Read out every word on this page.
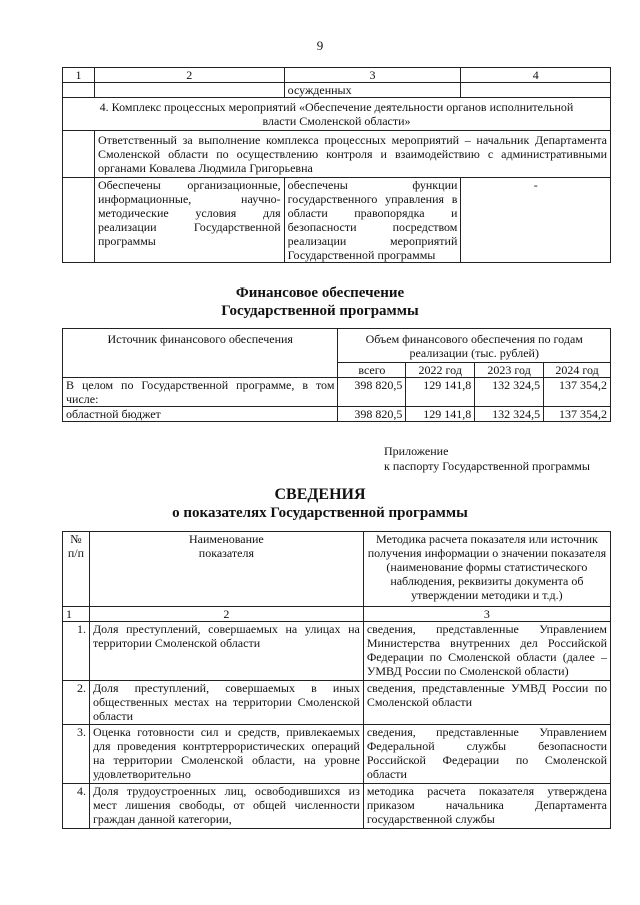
9
1	2	3	4
		осужденных	
4. Комплекс процессных мероприятий «Обеспечение деятельности органов исполнительной власти Смоленской области»			
	Ответственный за выполнение комплекса процессных мероприятий – начальник Департамента Смоленской области по осуществлению контроля и взаимодействию с административными органами Ковалева Людмила Григорьевна		
	Обеспечены организационные, информационные, научно-методические условия для реализации Государственной программы	обеспечены функции государственного управления в области правопорядка и безопасности посредством реализации мероприятий Государственной программы	-
Финансовое обеспечение
Государственной программы
Источник финансового обеспечения	Объем финансового обеспечения по годам реализации (тыс. рублей)			
	всего	2022 год	2023 год	2024 год
В целом по Государственной программе, в том числе:	398 820,5	129 141,8	132 324,5	137 354,2
областной бюджет	398 820,5	129 141,8	132 324,5	137 354,2
Приложение
к паспорту Государственной программы
СВЕДЕНИЯ
о показателях Государственной программы
№ п/п	Наименование показателя	Методика расчета показателя или источник получения информации о значении показателя (наименование формы статистического наблюдения, реквизиты документа об утверждении методики и т.д.)
1	2	3
1.	Доля преступлений, совершаемых на улицах на территории Смоленской области	сведения, представленные Управлением Министерства внутренних дел Российской Федерации по Смоленской области (далее – УМВД России по Смоленской области)
2.	Доля преступлений, совершаемых в иных общественных местах на территории Смоленской области	сведения, представленные УМВД России по Смоленской области
3.	Оценка готовности сил и средств, привлекаемых для проведения контртеррористических операций на территории Смоленской области, на уровне удовлетворительно	сведения, представленные Управлением Федеральной службы безопасности Российской Федерации по Смоленской области
4.	Доля трудоустроенных лиц, освободившихся из мест лишения свободы, от общей численности граждан данной категории,	методика расчета показателя утверждена приказом начальника Департамента государственной службы
